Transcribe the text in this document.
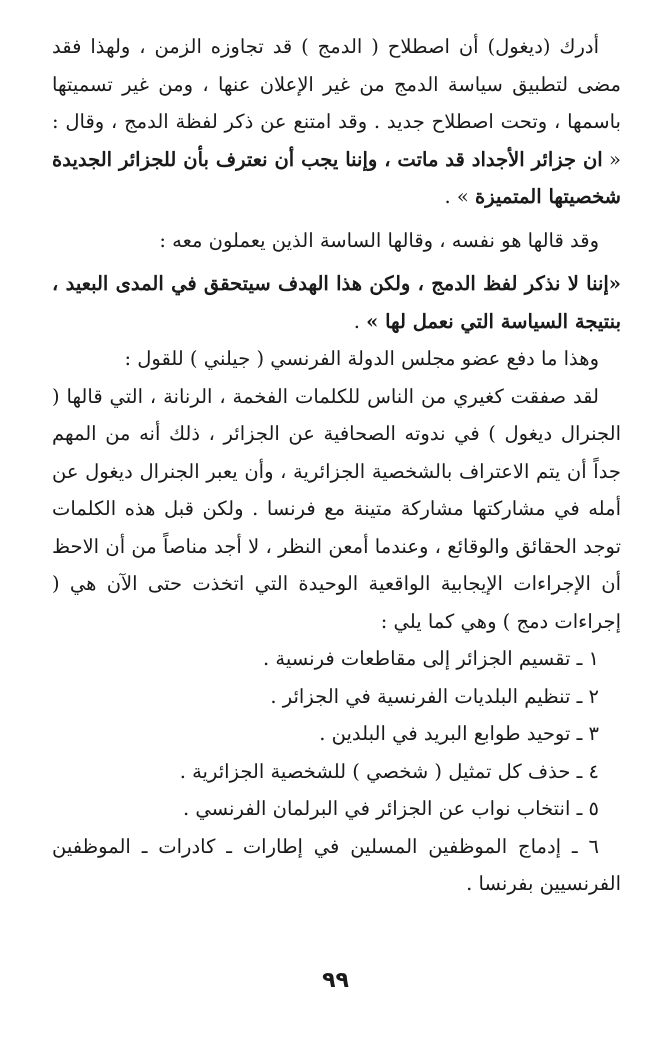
أدرك (ديغول) أن اصطلاح ( الدمج ) قد تجاوزه الزمن ، ولهذا فقد مضى لتطبيق سياسة الدمج من غير الإعلان عنها ، ومن غير تسميتها باسمها ، وتحت اصطلاح جديد . وقد امتنع عن ذكر لفظة الدمج ، وقال : « ان جزائر الأجداد قد ماتت ، وإننا يجب أن نعترف بأن للجزائر الجديدة شخصيتها المتميزة » .

وقد قالها هو نفسه ، وقالها الساسة الذين يعملون معه :

«إننا لا نذكر لفظ الدمج ، ولكن هذا الهدف سيتحقق في المدى البعيد ، بنتيجة السياسة التي نعمل لها » .

وهذا ما دفع عضو مجلس الدولة الفرنسي ( جيلني ) للقول :

لقد صفقت كغيري من الناس للكلمات الفخمة ، الرنانة ، التي قالها ( الجنرال ديغول ) في ندوته الصحافية عن الجزائر ، ذلك أنه من المهم جداً أن يتم الاعتراف بالشخصية الجزائرية ، وأن يعبر الجنرال ديغول عن أمله في مشاركتها مشاركة متينة مع فرنسا . ولكن قبل هذه الكلمات توجد الحقائق والوقائع ، وعندما أمعن النظر ، لا أجد مناصاً من أن الاحظ أن الإجراءات الإيجابية الواقعية الوحيدة التي اتخذت حتى الآن هي ( إجراءات دمج ) وهي كما يلي :

١ ـ تقسيم الجزائر إلى مقاطعات فرنسية .
٢ ـ تنظيم البلديات الفرنسية في الجزائر .
٣ ـ توحيد طوابع البريد في البلدين .
٤ ـ حذف كل تمثيل ( شخصي ) للشخصية الجزائرية .
٥ ـ انتخاب نواب عن الجزائر في البرلمان الفرنسي .
٦ ـ إدماج الموظفين المسلين في إطارات ـ كادرات ـ الموظفين الفرنسيين بفرنسا .
٩٩
